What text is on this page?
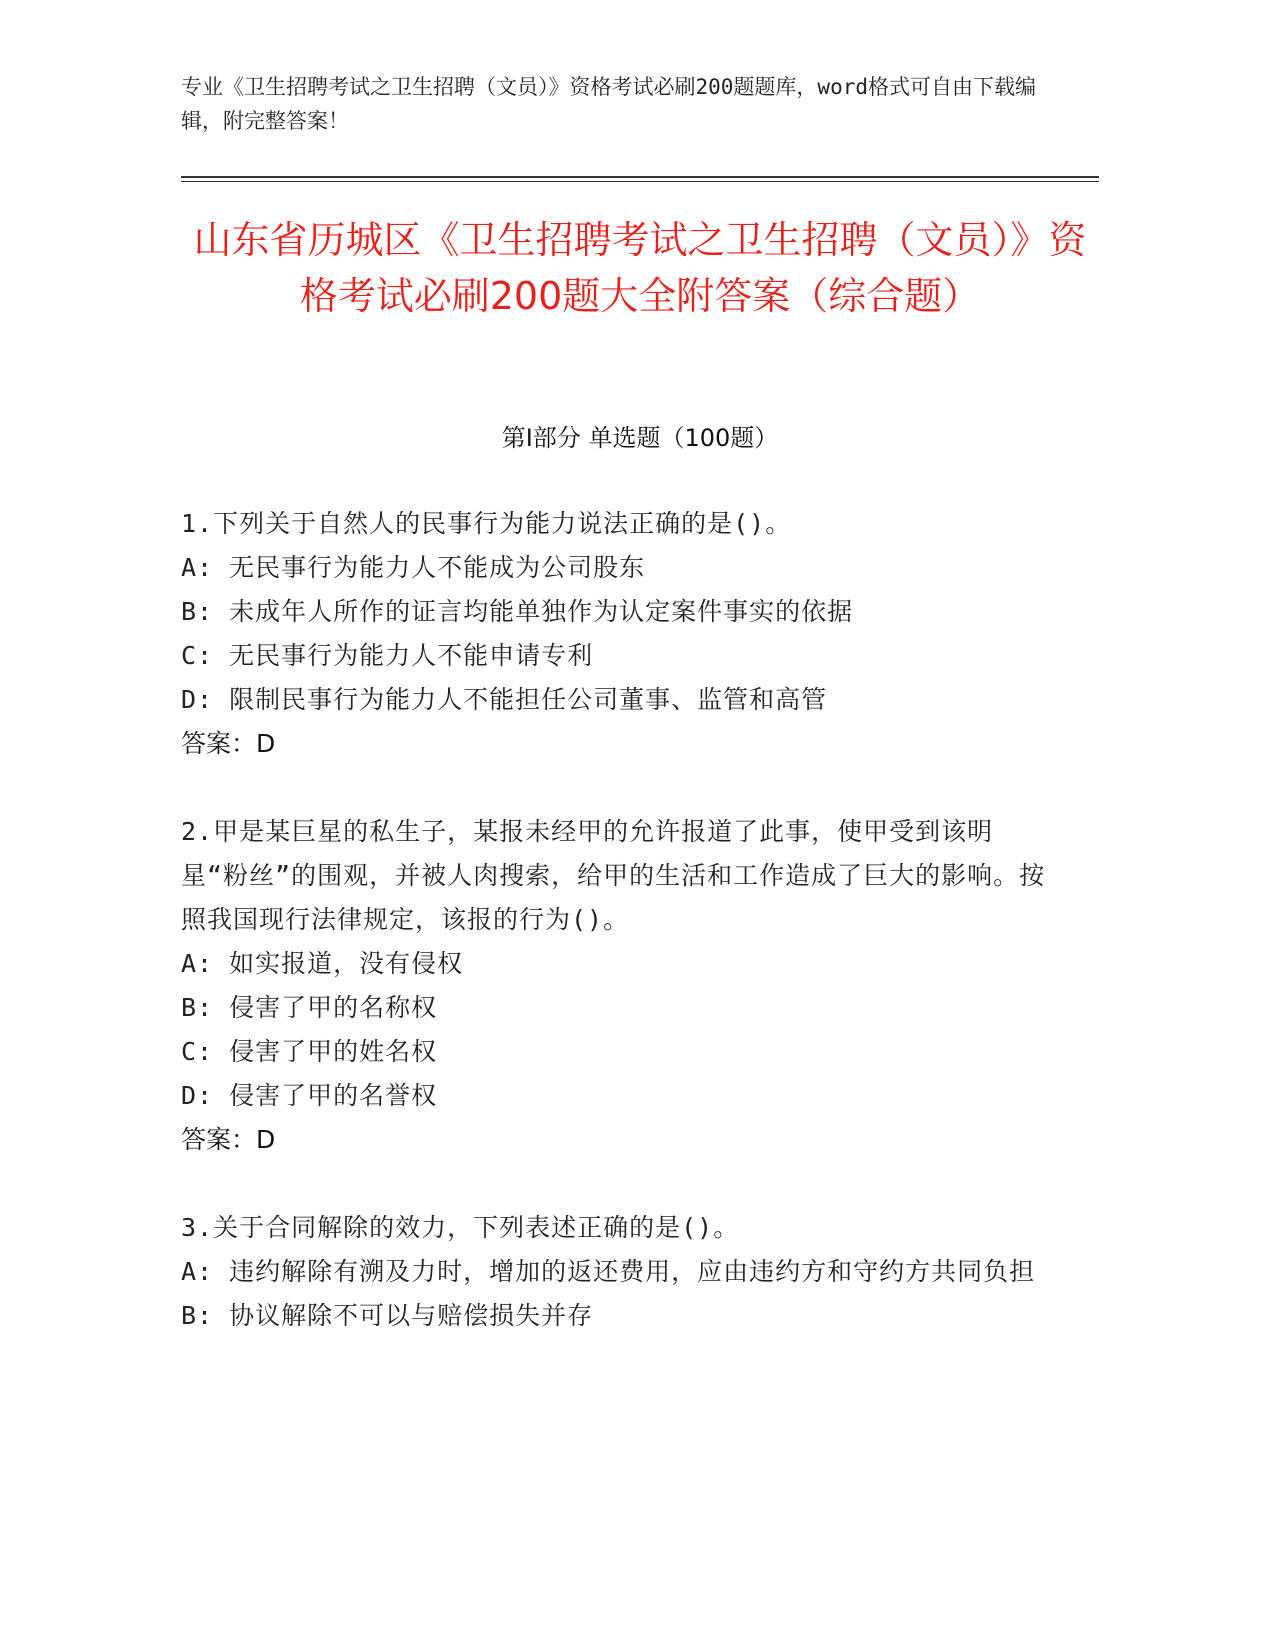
专业《卫生招聘考试之卫生招聘（文员）》资格考试必刷200题题库，word格式可自由下载编辑，附完整答案！
山东省历城区《卫生招聘考试之卫生招聘（文员）》资格考试必刷200题大全附答案（综合题）
第I部分 单选题（100题）
1.下列关于自然人的民事行为能力说法正确的是()。
A: 无民事行为能力人不能成为公司股东
B: 未成年人所作的证言均能单独作为认定案件事实的依据
C: 无民事行为能力人不能申请专利
D: 限制民事行为能力人不能担任公司董事、监管和高管
答案：D
2.甲是某巨星的私生子，某报未经甲的允许报道了此事，使甲受到该明星“粉丝”的围观，并被人肉搜索，给甲的生活和工作造成了巨大的影响。按照我国现行法律规定，该报的行为()。
A: 如实报道，没有侵权
B: 侵害了甲的名称权
C: 侵害了甲的姓名权
D: 侵害了甲的名誉权
答案：D
3.关于合同解除的效力，下列表述正确的是()。
A: 违约解除有溯及力时，增加的返还费用，应由违约方和守约方共同负担
B: 协议解除不可以与赔偿损失并存
